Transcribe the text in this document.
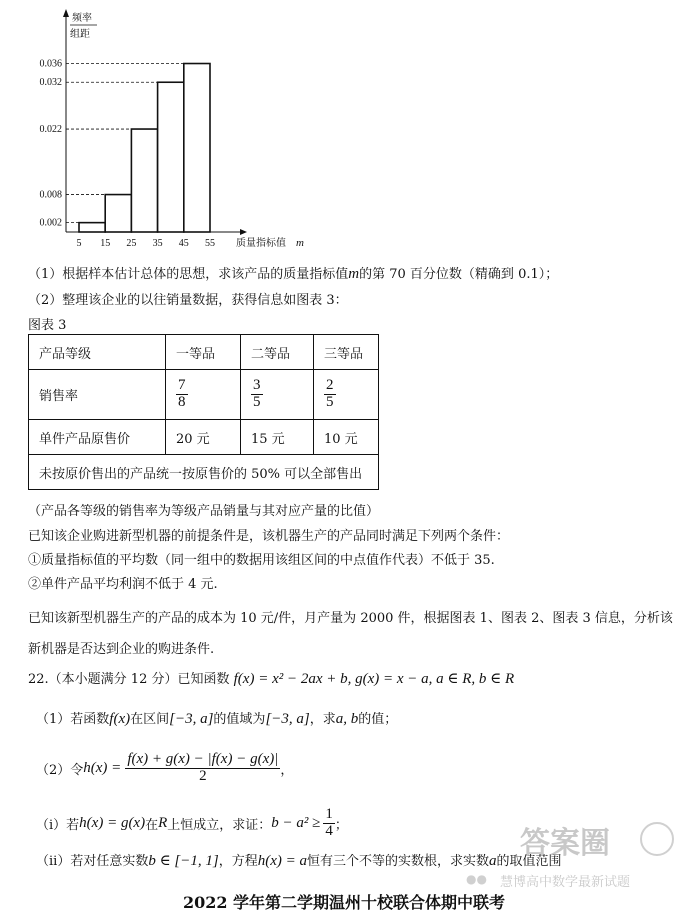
频率
组距
0.002
0.008
0.022
0.032
0.036
5 15 25 35 45 55 质量指标值 m
（1）根据样本估计总体的思想，求该产品的质量指标值m的第 70 百分位数（精确到 0.1）；
（2）整理该企业的以往销量数据，获得信息如图表 3：
图表 3
产品等级	一等品	二等品	三等品
销售率	$\frac{7}{8}$	$\frac{3}{5}$	$\frac{2}{5}$

单件产品原售价	20 元	15 元	10 元
未按原价售出的产品统一按原售价的 50% 可以全部售出			
（产品各等级的销售率为等级产品销量与其对应产量的比值）
已知该企业购进新型机器的前提条件是，该机器生产的产品同时满足下列两个条件：
①质量指标值的平均数（同一组中的数据用该组区间的中点值作代表）不低于 35.
②单件产品平均利润不低于 4 元.
已知该新型机器生产的产品的成本为 10 元/件，月产量为 2000 件，根据图表 1、图表 2、图表 3 信息，分析该
新机器是否达到企业的购进条件.
22.（本小题满分 12 分）已知函数 f(x) = x² − 2ax + b, g(x) = x − a, a ∈ R, b ∈ R
（1）若函数f(x)在区间[−3, a]的值域为[−3, a]，求a, b的值；
（2）令 $h(x) = \frac{f(x) + g(x) - |f(x) - g(x)|}{2}$ ，
（i）若 h(x) = g(x) 在 R 上恒成立，求证： $b - a^2 \ge \frac{1}{4}$ ；
（ii）若对任意实数b ∈ [−1, 1]，方程h(x) = a恒有三个不等的实数根，求实数a的取值范围
答案圈
●● 慧博高中数学最新试题
2022 学年第二学期温州十校联合体期中联考
